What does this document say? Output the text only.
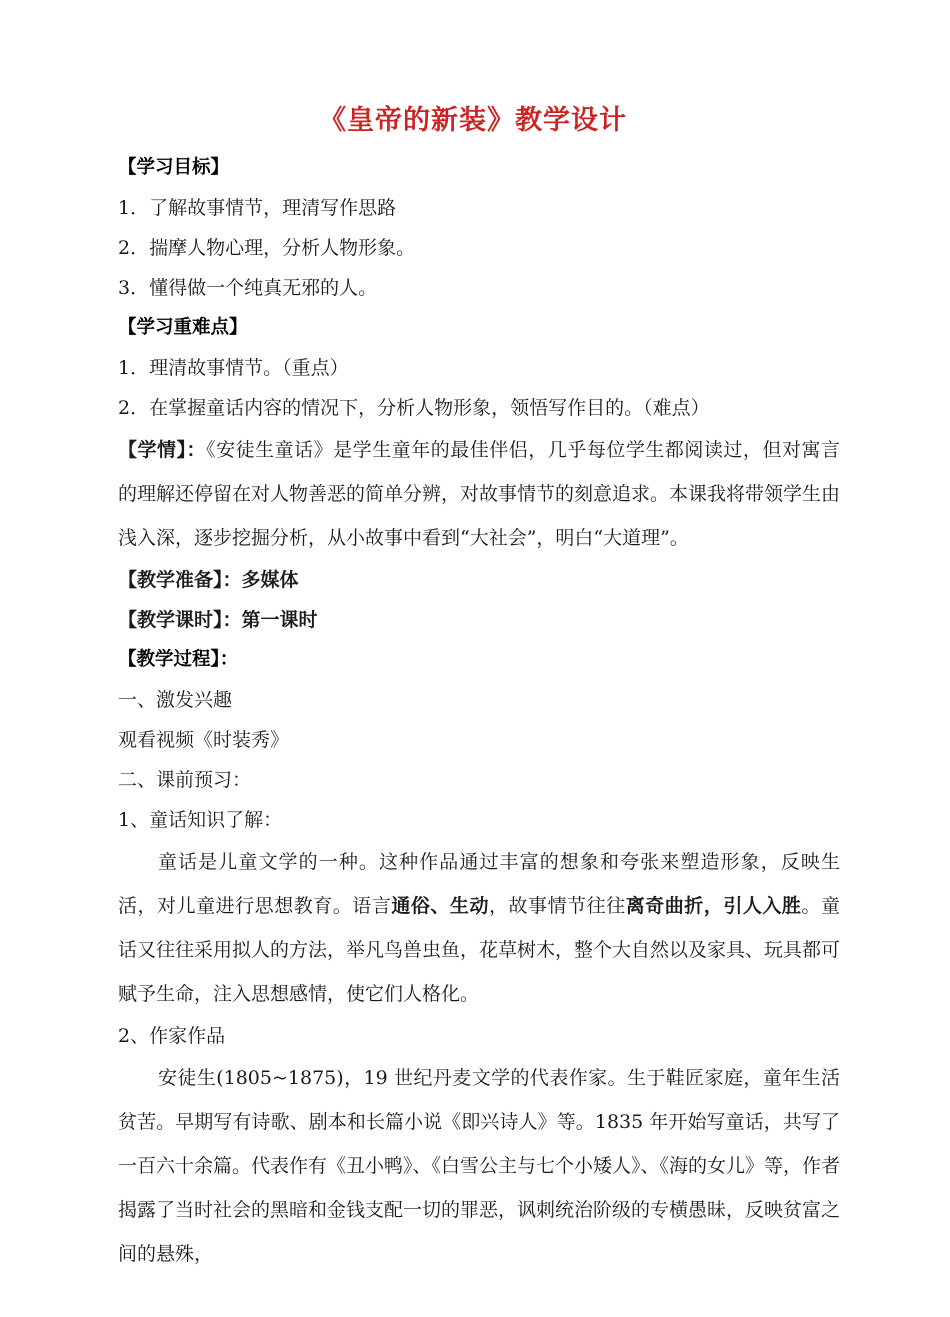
《皇帝的新装》教学设计
【学习目标】
1．了解故事情节，理清写作思路
2．揣摩人物心理，分析人物形象。
3．懂得做一个纯真无邪的人。
【学习重难点】
1．理清故事情节。（重点）
2．在掌握童话内容的情况下，分析人物形象，领悟写作目的。（难点）

【学情】：《安徒生童话》是学生童年的最佳伴侣，几乎每位学生都阅读过，但对寓言的理解还停留在对人物善恶的简单分辨，对故事情节的刻意追求。本课我将带领学生由浅入深，逐步挖掘分析，从小故事中看到“大社会”，明白“大道理”。

【教学准备】：多媒体
【教学课时】：第一课时
【教学过程】：
一、激发兴趣
观看视频《时装秀》
二、课前预习：
1、童话知识了解：

童话是儿童文学的一种。这种作品通过丰富的想象和夸张来塑造形象，反映生活，对儿童进行思想教育。语言通俗、生动，故事情节往往离奇曲折，引人入胜。童话又往往采用拟人的方法，举凡鸟兽虫鱼，花草树木，整个大自然以及家具、玩具都可赋予生命，注入思想感情，使它们人格化。

2、作家作品

安徒生(1805~1875)，19 世纪丹麦文学的代表作家。生于鞋匠家庭，童年生活贫苦。早期写有诗歌、剧本和长篇小说《即兴诗人》等。1835 年开始写童话，共写了一百六十余篇。代表作有《丑小鸭》、《白雪公主与七个小矮人》、《海的女儿》等，作者揭露了当时社会的黑暗和金钱支配一切的罪恶，讽刺统治阶级的专横愚昧，反映贫富之间的悬殊，
